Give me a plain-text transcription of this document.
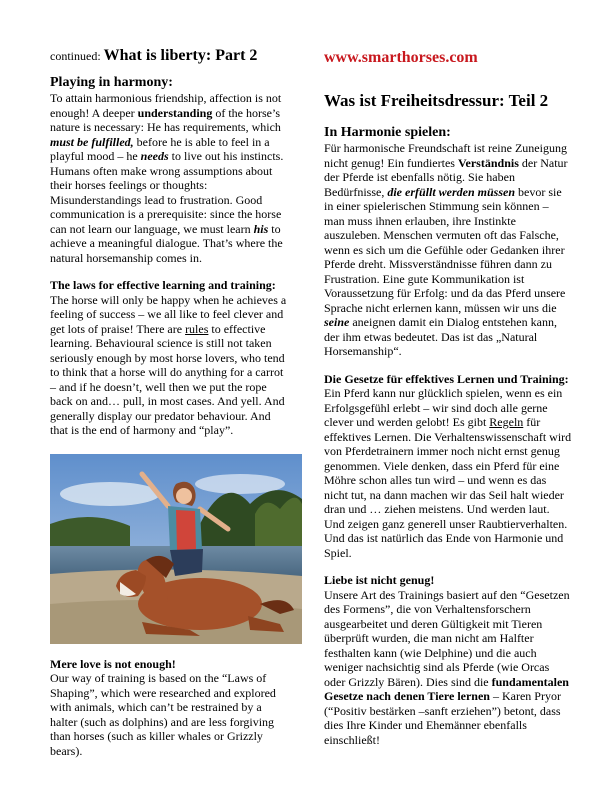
continued: What is liberty: Part 2

Playing in harmony:

To attain harmonious friendship, affection is not enough! A deeper understanding of the horse’s nature is necessary: He has requirements, which must be fulfilled, before he is able to feel in a playful mood – he needs to live out his instincts. Humans often make wrong assumptions about their horses feelings or thoughts: Misunderstandings lead to frustration. Good communication is a prerequisite: since the horse can not learn our language, we must learn his to achieve a meaningful dialogue. That’s where the natural horsemanship comes in.

The laws for effective learning and training:

The horse will only be happy when he achieves a feeling of success – we all like to feel clever and get lots of praise! There are rules to effective learning. Behavioural science is still not taken seriously enough by most horse lovers, who tend to think that a horse will do anything for a carrot – and if he doesn’t, well then we put the rope back on and… pull, in most cases. And yell. And generally display our predator behaviour. And that is the end of harmony and “play”.

Mere love is not enough!

Our way of training is based on the “Laws of Shaping”, which were researched and explored with animals, which can’t be restrained by a halter (such as dolphins) and are less forgiving than horses (such as killer whales or Grizzly bears).

www.smarthorses.com

Was ist Freiheitsdressur: Teil 2
In Harmonie spielen:

Für harmonische Freundschaft ist reine Zuneigung nicht genug! Ein fundiertes Verständnis der Natur der Pferde ist ebenfalls nötig. Sie haben Bedürfnisse, die erfüllt werden müssen bevor sie in einer spielerischen Stimmung sein können – man muss ihnen erlauben, ihre Instinkte auszuleben. Menschen vermuten oft das Falsche, wenn es sich um die Gefühle oder Gedanken ihrer Pferde dreht. Missverständnisse führen dann zu Frustration. Eine gute Kommunikation ist Voraussetzung für Erfolg: und da das Pferd unsere Sprache nicht erlernen kann, müssen wir uns die seine aneignen damit ein Dialog entstehen kann, der ihm etwas bedeutet. Das ist das „Natural Horsemanship“.

Die Gesetze für effektives Lernen und Training:

Ein Pferd kann nur glücklich spielen, wenn es ein Erfolgsgefühl erlebt – wir sind doch alle gerne clever und werden gelobt! Es gibt Regeln für effektives Lernen. Die Verhaltenswissenschaft wird von Pferdetrainern immer noch nicht ernst genug genommen. Viele denken, dass ein Pferd für eine Möhre schon alles tun wird – und wenn es das nicht tut, na dann machen wir das Seil halt wieder dran und … ziehen meistens. Und werden laut. Und zeigen ganz generell unser Raubtierverhalten. Und das ist natürlich das Ende von Harmonie und Spiel.

Liebe ist nicht genug!

Unsere Art des Trainings basiert auf den “Gesetzen des Formens”, die von Verhaltensforschern ausgearbeitet und deren Gültigkeit mit Tieren überprüft wurden, die man nicht am Halfter festhalten kann (wie Delphine) und die auch weniger nachsichtig sind als Pferde (wie Orcas oder Grizzly Bären). Dies sind die fundamentalen Gesetze nach denen Tiere lernen – Karen Pryor (“Positiv bestärken –sanft erziehen”) betont, dass dies Ihre Kinder und Ehemänner ebenfalls einschließt!
